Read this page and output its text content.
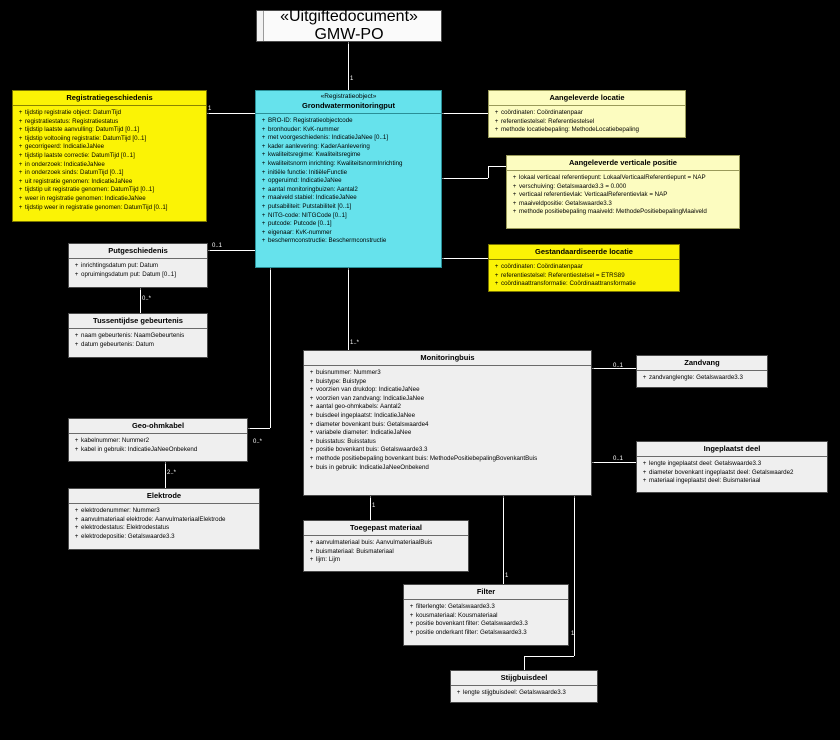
«Uitgiftedocument»
GMW-PO
Registratiegeschiedenis
+ tijdstip registratie object: DatumTijd
+ registratiestatus: Registratiestatus
+ tijdstip laatste aanvulling: DatumTijd [0..1]
+ tijdstip voltooiing registratie: DatumTijd [0..1]
+ gecorrigeerd: IndicatieJaNee
+ tijdstip laatste correctie: DatumTijd [0..1]
+ in onderzoek: IndicatieJaNee
+ in onderzoek sinds: DatumTijd [0..1]
+ uit registratie genomen: IndicatieJaNee
+ tijdstip uit registratie genomen: DatumTijd [0..1]
+ weer in registratie genomen: IndicatieJaNee
+ tijdstip weer in registratie genomen: DatumTijd [0..1]
1
«Registratieobject»
Grondwatermonitoringput
+ BRO-ID: Registratieobjectcode
+ bronhouder: KvK-nummer
+ met voorgeschiedenis: IndicatieJaNee [0..1]
+ kader aanlevering: KaderAanlevering
+ kwaliteitsregime: Kwaliteitsregime
+ kwaliteitsnorm inrichting: KwaliteitsnormInrichting
+ initiële functie: InitiëleFunctie
+ opgeruimd: IndicatieJaNee
+ aantal monitoringbuizen: Aantal2
+ maaiveld stabiel: IndicatieJaNee
+ putsabiliteit: Putstabiliteit [0..1]
+ NITG-code: NITGCode [0..1]
+ putcode: Putcode [0..1]
+ eigenaar: KvK-nummer
+ beschermconstructie: Beschermconstructie
1
Aangeleverde locatie
+ coördinaten: Coördinatenpaar
+ referentiestelsel: Referentiestelsel
+ methode locatiebepaling: MethodeLocatiebepaling
Aangeleverde verticale positie
+ lokaal verticaal referentiepunt: LokaalVerticaalReferentiepunt = NAP
+ verschuiving: Getalswaarde3.3 = 0.000
+ verticaal referentievlak: VerticaalReferentievlak = NAP
+ maaiveldpositie: Getalswaarde3.3
+ methode positiebepaling maaiveld: MethodePositiebepalingMaaiveld
Gestandaardiseerde locatie
+ coördinaten: Coördinatenpaar
+ referentiestelsel: Referentiestelsel = ETRS89
+ coördinaattransformatie: Coördinaattransformatie
Putgeschiedenis
+ inrichtingsdatum put: Datum
+ opruimingsdatum put: Datum [0..1]
0..1
0..*
Tussentijdse gebeurtenis
+ naam gebeurtenis: NaamGebeurtenis
+ datum gebeurtenis: Datum
Geo-ohmkabel
+ kabelnummer: Nummer2
+ kabel in gebruik: IndicatieJaNeeOnbekend
0..*
2..*
Elektrode
+ elektrodenummer: Nummer3
+ aanvulmateriaal elektrode: AanvulmateriaalElektrode
+ elektrodestatus: Elektrodestatus
+ elektrodepositie: Getalswaarde3.3
Monitoringbuis
+ buisnummer: Nummer3
+ buistype: Buistype
+ voorzien van drukdop: IndicatieJaNee
+ voorzien van zandvang: IndicatieJaNee
+ aantal geo-ohmkabels: Aantal2
+ buisdeel ingeplaatst: IndicatieJaNee
+ diameter bovenkant buis: Getalswaarde4
+ variabele diameter: IndicatieJaNee
+ buisstatus: Buisstatus
+ positie bovenkant buis: Getalswaarde3.3
+ methode positiebepaling bovenkant buis: MethodePositiebepalingBovenkantBuis
+ buis in gebruik: IndicatieJaNeeOnbekend
1..*
0..1
0..1
1
1
1
Zandvang
+ zandvanglengte: Getalswaarde3.3
Ingeplaatst deel
+ lengte ingeplaatst deel: Getalswaarde3.3
+ diameter bovenkant ingeplaatst deel: Getalswaarde2
+ materiaal ingeplaatst deel: Buismateriaal
Toegepast materiaal
+ aanvulmateriaal buis: AanvulmateriaalBuis
+ buismateriaal: Buismateriaal
+ lijm: Lijm
Filter
+ filterlengte: Getalswaarde3.3
+ kousmateriaal: Kousmateriaal
+ positie bovenkant filter: Getalswaarde3.3
+ positie onderkant filter: Getalswaarde3.3
Stijgbuisdeel
+ lengte stijgbuisdeel: Getalswaarde3.3
